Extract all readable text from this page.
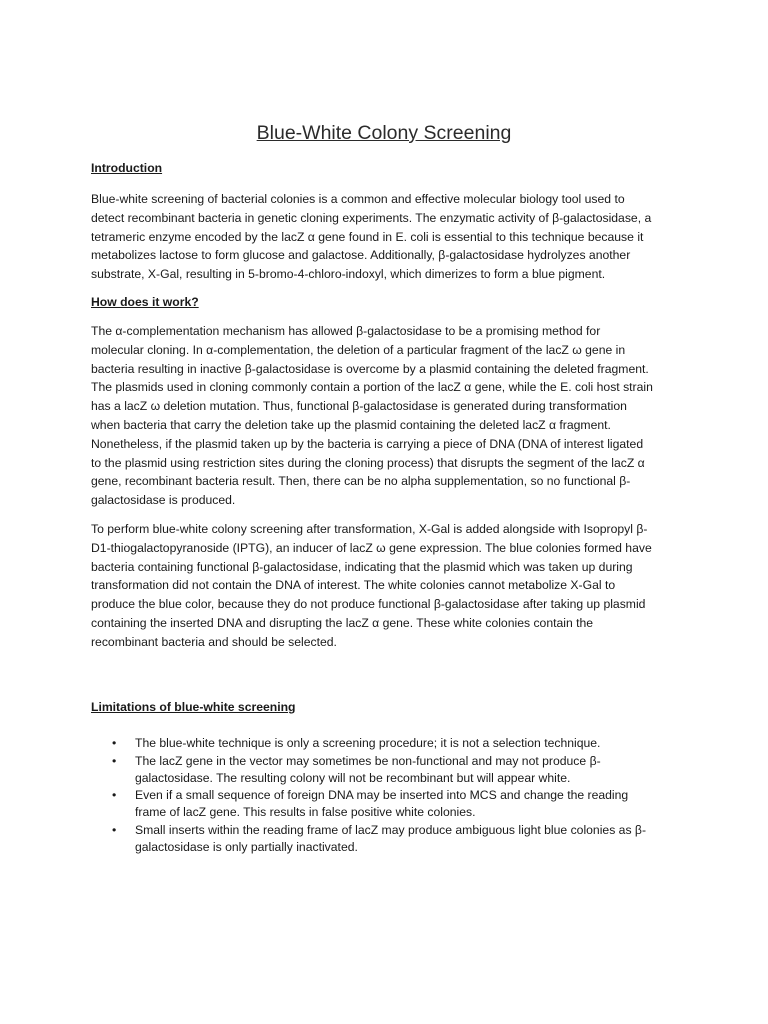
Blue-White Colony Screening
Introduction
Blue-white screening of bacterial colonies is a common and effective molecular biology tool used to
detect recombinant bacteria in genetic cloning experiments. The enzymatic activity of β-galactosidase, a
tetrameric enzyme encoded by the lacZ α gene found in E. coli is essential to this technique because it
metabolizes lactose to form glucose and galactose. Additionally, β-galactosidase hydrolyzes another
substrate, X-Gal, resulting in 5-bromo-4-chloro-indoxyl, which dimerizes to form a blue pigment.
How does it work?
The α-complementation mechanism has allowed β-galactosidase to be a promising method for
molecular cloning. In α-complementation, the deletion of a particular fragment of the lacZ ω gene in
bacteria resulting in inactive β-galactosidase is overcome by a plasmid containing the deleted fragment.
The plasmids used in cloning commonly contain a portion of the lacZ α gene, while the E. coli host strain
has a lacZ ω deletion mutation. Thus, functional β-galactosidase is generated during transformation
when bacteria that carry the deletion take up the plasmid containing the deleted lacZ α fragment.
Nonetheless, if the plasmid taken up by the bacteria is carrying a piece of DNA (DNA of interest ligated
to the plasmid using restriction sites during the cloning process) that disrupts the segment of the lacZ α
gene, recombinant bacteria result. Then, there can be no alpha supplementation, so no functional β-
galactosidase is produced.
To perform blue-white colony screening after transformation, X-Gal is added alongside with Isopropyl β-
D1-thiogalactopyranoside (IPTG), an inducer of lacZ ω gene expression. The blue colonies formed have
bacteria containing functional β-galactosidase, indicating that the plasmid which was taken up during
transformation did not contain the DNA of interest. The white colonies cannot metabolize X-Gal to
produce the blue color, because they do not produce functional β-galactosidase after taking up plasmid
containing the inserted DNA and disrupting the lacZ α gene. These white colonies contain the
recombinant bacteria and should be selected.
Limitations of blue-white screening
• The blue-white technique is only a screening procedure; it is not a selection technique.
• The lacZ gene in the vector may sometimes be non-functional and may not produce β-
galactosidase. The resulting colony will not be recombinant but will appear white.
• Even if a small sequence of foreign DNA may be inserted into MCS and change the reading
frame of lacZ gene. This results in false positive white colonies.
• Small inserts within the reading frame of lacZ may produce ambiguous light blue colonies as β-
galactosidase is only partially inactivated.
